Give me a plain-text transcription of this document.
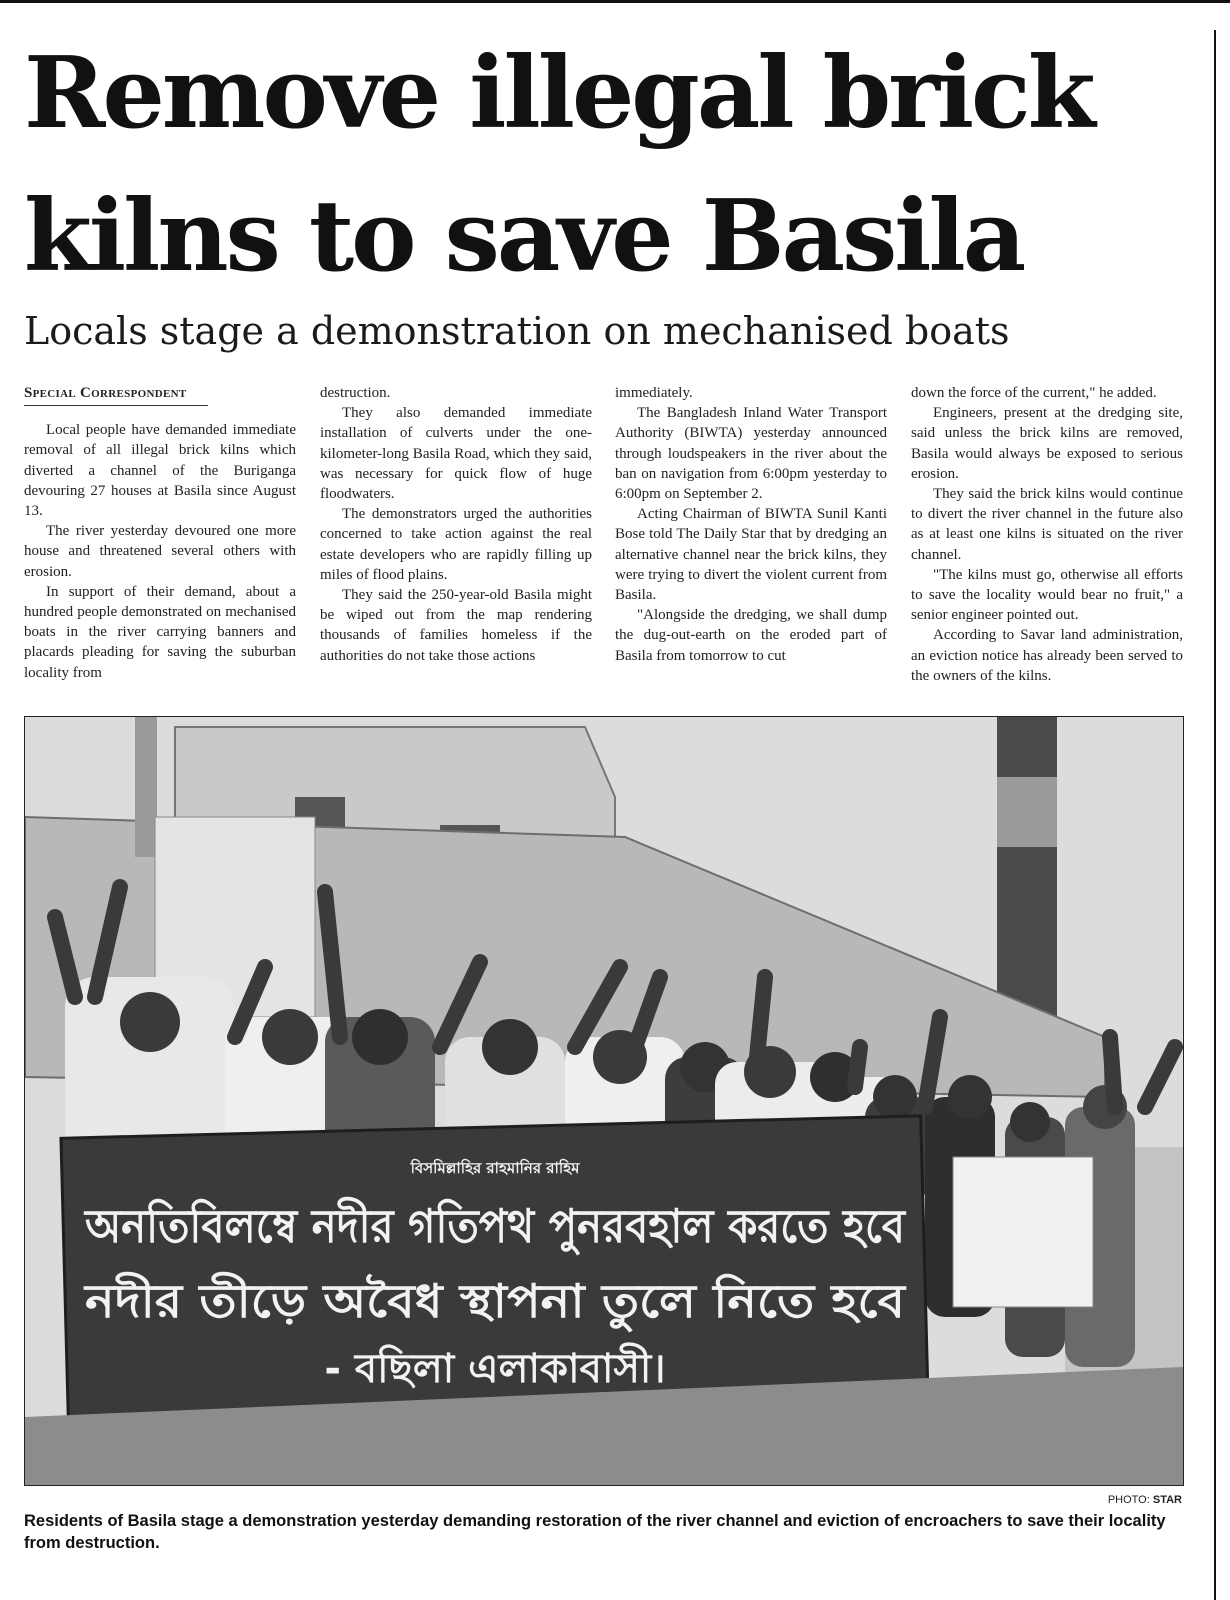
Remove illegal brick kilns to save Basila
Locals stage a demonstration on mechanised boats
Special Correspondent

Local people have demanded immediate removal of all illegal brick kilns which diverted a channel of the Buriganga devouring 27 houses at Basila since August 13.

The river yesterday devoured one more house and threatened several others with erosion.

In support of their demand, about a hundred people demonstrated on mechanised boats in the river carrying banners and placards pleading for saving the suburban locality from

destruction.

They also demanded immediate installation of culverts under the one-kilometer-long Basila Road, which they said, was necessary for quick flow of huge floodwaters.

The demonstrators urged the authorities concerned to take action against the real estate developers who are rapidly filling up miles of flood plains.

They said the 250-year-old Basila might be wiped out from the map rendering thousands of families homeless if the authorities do not take those actions

immediately.

The Bangladesh Inland Water Transport Authority (BIWTA) yesterday announced through loudspeakers in the river about the ban on navigation from 6:00pm yesterday to 6:00pm on September 2.

Acting Chairman of BIWTA Sunil Kanti Bose told The Daily Star that by dredging an alternative channel near the brick kilns, they were trying to divert the violent current from Basila.

"Alongside the dredging, we shall dump the dug-out-earth on the eroded part of Basila from tomorrow to cut

down the force of the current," he added.

Engineers, present at the dredging site, said unless the brick kilns are removed, Basila would always be exposed to serious erosion.

They said the brick kilns would continue to divert the river channel in the future also as at least one kilns is situated on the river channel.

"The kilns must go, otherwise all efforts to save the locality would bear no fruit," a senior engineer pointed out.

According to Savar land administration, an eviction notice has already been served to the owners of the kilns.

বিসমিল্লাহির রাহমানির রাহিম
অনতিবিলম্বে নদীর গতিপথ পুনরবহাল করতে হবে
নদীর তীড়ে অবৈধ স্থাপনা তুলে নিতে হবে
- বছিলা এলাকাবাসী।
PHOTO: STAR

Residents of Basila stage a demonstration yesterday demanding restoration of the river channel and eviction of encroachers to save their locality from destruction.
